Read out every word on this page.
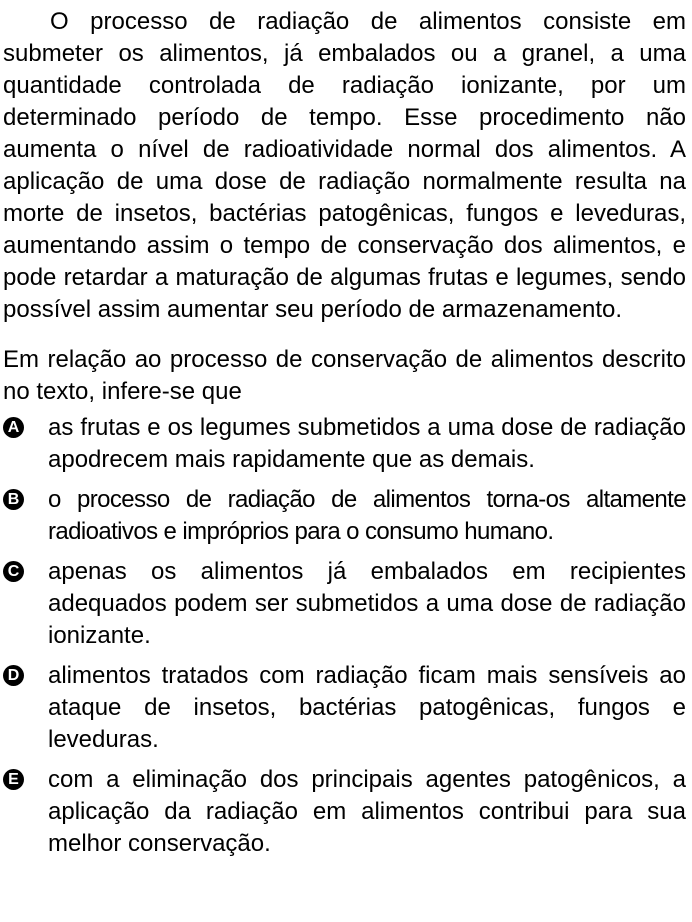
O processo de radiação de alimentos consiste em submeter os alimentos, já embalados ou a granel, a uma quantidade controlada de radiação ionizante, por um determinado período de tempo. Esse procedimento não aumenta o nível de radioatividade normal dos alimentos. A aplicação de uma dose de radiação normalmente resulta na morte de insetos, bactérias patogênicas, fungos e leveduras, aumentando assim o tempo de conservação dos alimentos, e pode retardar a maturação de algumas frutas e legumes, sendo possível assim aumentar seu período de armazenamento.

Em relação ao processo de conservação de alimentos descrito no texto, infere-se que

A as frutas e os legumes submetidos a uma dose de radiação apodrecem mais rapidamente que as demais.
B o processo de radiação de alimentos torna-os altamente radioativos e impróprios para o consumo humano.
C apenas os alimentos já embalados em recipientes adequados podem ser submetidos a uma dose de radiação ionizante.
D alimentos tratados com radiação ficam mais sensíveis ao ataque de insetos, bactérias patogênicas, fungos e leveduras.
E com a eliminação dos principais agentes patogênicos, a aplicação da radiação em alimentos contribui para sua melhor conservação.
